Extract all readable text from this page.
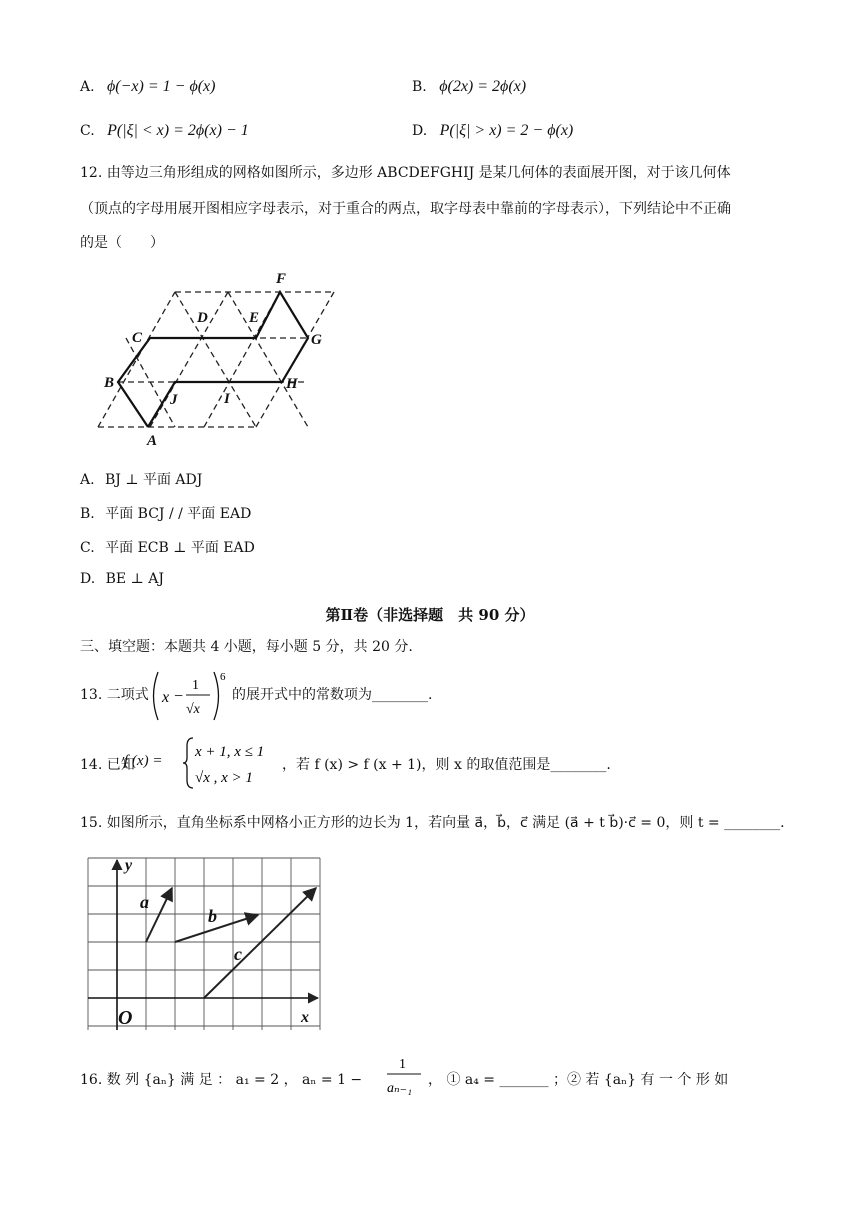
A. ϕ(−x) = 1 − ϕ(x)	B. ϕ(2x) = 2ϕ(x)
C. P(|ξ| < x) = 2ϕ(x) − 1	D. P(|ξ| > x) = 2 − ϕ(x)
12. 由等边三角形组成的网格如图所示，多边形 ABCDEFGHIJ 是某几何体的表面展开图，对于该几何体
（顶点的字母用展开图相应字母表示，对于重合的两点，取字母表中靠前的字母表示），下列结论中不正确
的是（　　）
A
B
C
D	E
F
G
H
I
J
A. BJ ⊥ 平面 ADJ
B. 平面 BCJ / / 平面 EAD
C. 平面 ECB ⊥ 平面 EAD
D. BE ⊥ AJ
第Ⅱ卷（非选择题　共 90 分）
三、填空题：本题共 4 小题，每小题 5 分，共 20 分.
13. 二项式 x −
1
√x
6
的展开式中的常数项为________.
14. 已知
f (x) =
x + 1, x ≤ 1
√x , x > 1
，若 f (x) > f (x + 1)，则 x 的取值范围是________.
15. 如图所示，直角坐标系中网格小正方形的边长为 1，若向量 a⃗，b⃗，c⃗ 满足 (a⃗ + t b⃗)·c⃗ = 0，则 t = ________.
y
x
O
a
b
c
16. 数 列 {aₙ} 满 足 ： a₁ = 2 ， aₙ = 1 −
1
aₙ₋₁
， ① a₄ = _______ ；② 若 {aₙ} 有 一 个 形 如
